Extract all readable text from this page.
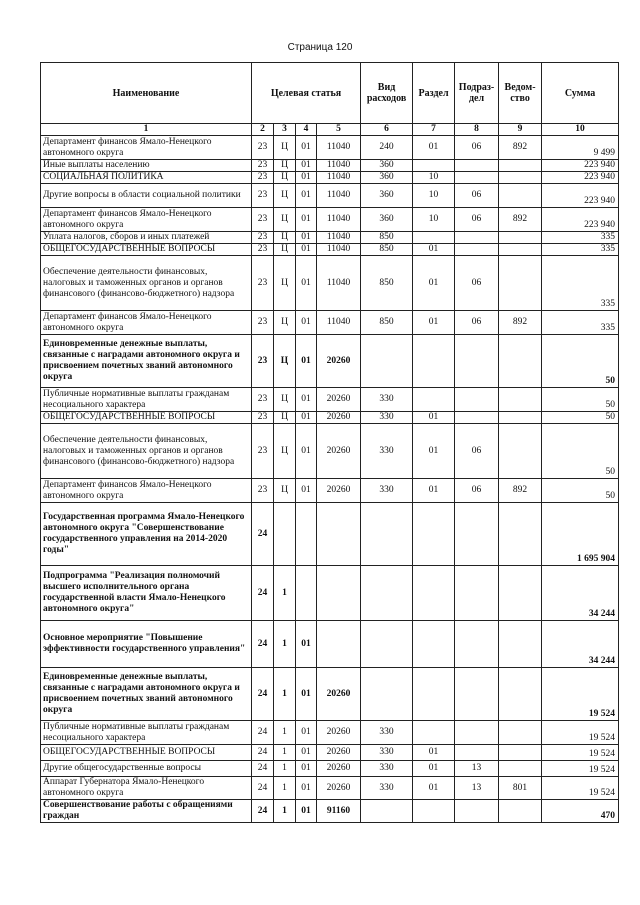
Страница 120
Наименование	Целевая статья				Вид расходов	Раздел	Подраз-дел	Ведом-ство	Сумма
1	2	3	4	5	6	7	8	9	10
Департамент финансов Ямало-Ненецкого автономного округа	23	Ц	01	11040	240	01	06	892	9 499
Иные выплаты населению	23	Ц	01	11040	360				223 940
СОЦИАЛЬНАЯ ПОЛИТИКА	23	Ц	01	11040	360	10			223 940
Другие вопросы в области социальной политики	23	Ц	01	11040	360	10	06		223 940
Департамент финансов Ямало-Ненецкого автономного округа	23	Ц	01	11040	360	10	06	892	223 940
Уплата налогов, сборов и иных платежей	23	Ц	01	11040	850				335
ОБЩЕГОСУДАРСТВЕННЫЕ ВОПРОСЫ	23	Ц	01	11040	850	01			335
Обеспечение деятельности финансовых, налоговых и таможенных органов и органов финансового (финансово-бюджетного) надзора	23	Ц	01	11040	850	01	06		335
Департамент финансов Ямало-Ненецкого автономного округа	23	Ц	01	11040	850	01	06	892	335
Единовременные денежные выплаты, связанные с наградами автономного округа и присвоением почетных званий автономного округа	23	Ц	01	20260					50
Публичные нормативные выплаты гражданам несоциального характера	23	Ц	01	20260	330				50
ОБЩЕГОСУДАРСТВЕННЫЕ ВОПРОСЫ	23	Ц	01	20260	330	01			50
Обеспечение деятельности финансовых, налоговых и таможенных органов и органов финансового (финансово-бюджетного) надзора	23	Ц	01	20260	330	01	06		50
Департамент финансов Ямало-Ненецкого автономного округа	23	Ц	01	20260	330	01	06	892	50
Государственная программа Ямало-Ненецкого автономного округа "Совершенствование государственного управления на 2014-2020 годы"	24								1 695 904
Подпрограмма "Реализация полномочий высшего исполнительного органа государственной власти Ямало-Ненецкого автономного округа"	24	1							34 244
Основное мероприятие "Повышение эффективности государственного управления"	24	1	01						34 244
Единовременные денежные выплаты, связанные с наградами автономного округа и присвоением почетных званий автономного округа	24	1	01	20260					19 524
Публичные нормативные выплаты гражданам несоциального характера	24	1	01	20260	330				19 524
ОБЩЕГОСУДАРСТВЕННЫЕ ВОПРОСЫ	24	1	01	20260	330	01			19 524
Другие общегосударственные вопросы	24	1	01	20260	330	01	13		19 524
Аппарат Губернатора Ямало-Ненецкого автономного округа	24	1	01	20260	330	01	13	801	19 524
Совершенствование работы с обращениями граждан	24	1	01	91160					470
